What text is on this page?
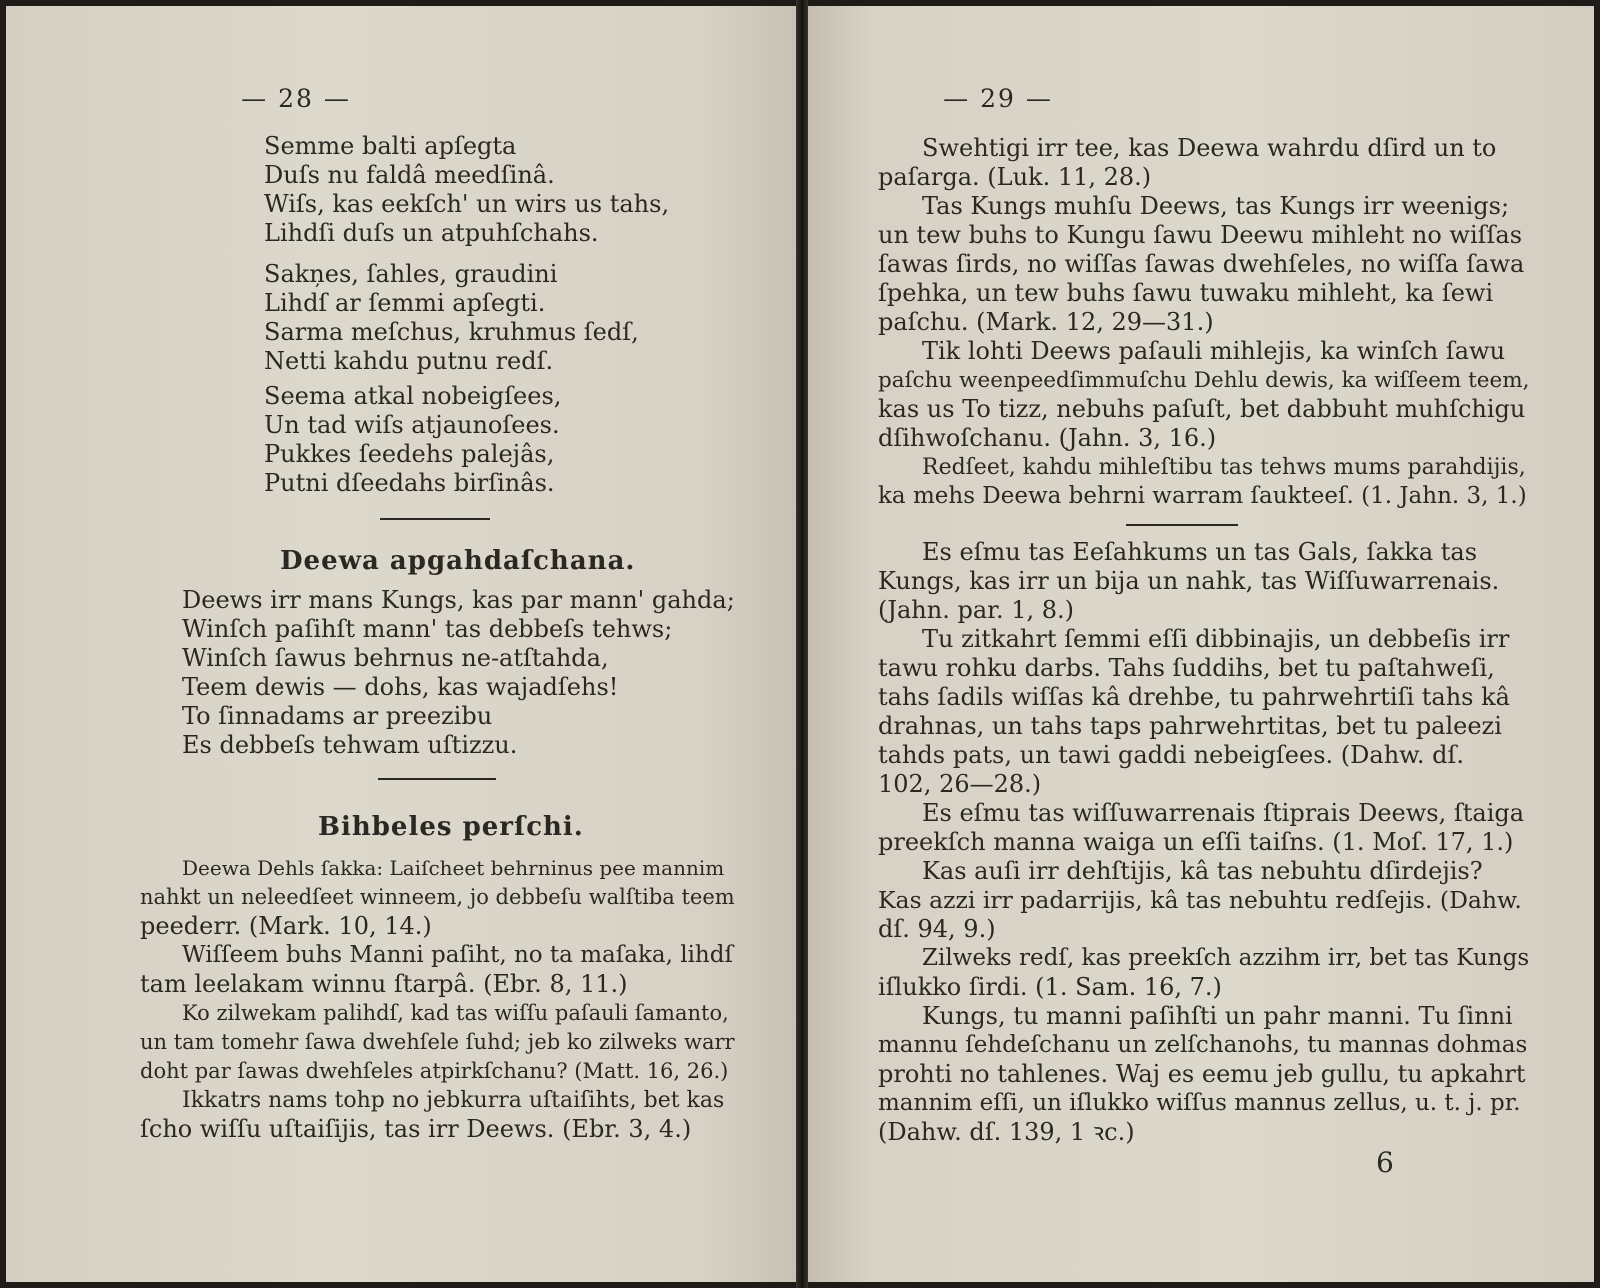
— 28 —
Semme balti apſegta
Duſs nu faldâ meedſinâ.
Wiſs, kas eekſch' un wirs us tahs,
Lihdſi duſs un atpuhſchahs.
Sakņes, ſahles, graudini
Lihdſ ar ſemmi apſegti.
Sarma meſchus, kruhmus ſedſ,
Netti kahdu putnu redſ.
Seema atkal nobeigſees,
Un tad wiſs atjaunoſees.
Pukkes ſeedehs palejâs,
Putni dſeedahs birſinâs.
Deewa apgahdaſchana.
Deews irr mans Kungs, kas par mann' gahda;
Winſch paſihſt mann' tas debbeſs tehws;
Winſch ſawus behrnus ne-atſtahda,
Teem dewis — dohs, kas wajadſehs!
To ſinnadams ar preezibu
Es debbeſs tehwam uſtizzu.
Bihbeles perſchi.
Deewa Dehls ſakka: Laiſcheet behrninus pee mannim
nahkt un neleedſeet winneem, jo debbeſu walſtiba teem
peederr. (Mark. 10, 14.)
Wiſſeem buhs Manni paſiht, no ta maſaka, lihdſ
tam leelakam winnu ſtarpâ. (Ebr. 8, 11.)
Ko zilwekam palihdſ, kad tas wiſſu paſauli ſamanto,
un tam tomehr ſawa dwehſele ſuhd; jeb ko zilweks warr
doht par ſawas dwehſeles atpirkſchanu? (Matt. 16, 26.)
Ikkatrs nams tohp no jebkurra uſtaiſihts, bet kas
ſcho wiſſu uſtaiſijis, tas irr Deews. (Ebr. 3, 4.)
— 29 —
Swehtigi irr tee, kas Deewa wahrdu dſird un to
paſarga. (Luk. 11, 28.)
Tas Kungs muhſu Deews, tas Kungs irr weenigs;
un tew buhs to Kungu ſawu Deewu mihleht no wiſſas
ſawas ſirds, no wiſſas ſawas dwehſeles, no wiſſa ſawa
ſpehka, un tew buhs ſawu tuwaku mihleht, ka ſewi
paſchu. (Mark. 12, 29—31.)
Tik lohti Deews paſauli mihlejis, ka winſch ſawu
paſchu weenpeedſimmuſchu Dehlu dewis, ka wiſſeem teem,
kas us To tizz, nebuhs paſuſt, bet dabbuht muhſchigu
dſihwoſchanu. (Jahn. 3, 16.)
Redſeet, kahdu mihleſtibu tas tehws mums parahdijis,
ka mehs Deewa behrni warram ſaukteeſ. (1. Jahn. 3, 1.)
Es eſmu tas Eeſahkums un tas Gals, ſakka tas
Kungs, kas irr un bija un nahk, tas Wiſſuwarrenais.
(Jahn. par. 1, 8.)
Tu zitkahrt ſemmi eſſi dibbinajis, un debbeſis irr
tawu rohku darbs. Tahs ſuddihs, bet tu paſtahweſi,
tahs ſadils wiſſas kâ drehbe, tu pahrwehrtiſi tahs kâ
drahnas, un tahs taps pahrwehrtitas, bet tu paleezi
tahds pats, un tawi gaddi nebeigſees. (Dahw. dſ.
102, 26—28.)
Es eſmu tas wiſſuwarrenais ſtiprais Deews, ſtaiga
preekſch manna waiga un eſſi taiſns. (1. Moſ. 17, 1.)
Kas auſi irr dehſtijis, kâ tas nebuhtu dſirdejis?
Kas azzi irr padarrijis, kâ tas nebuhtu redſejis. (Dahw.
dſ. 94, 9.)
Zilweks redſ, kas preekſch azzihm irr, bet tas Kungs
iſlukko ſirdi. (1. Sam. 16, 7.)
Kungs, tu manni paſihſti un pahr manni. Tu ſinni
mannu ſehdeſchanu un zelſchanohs, tu mannas dohmas
prohti no tahlenes. Waj es eemu jeb gullu, tu apkahrt
mannim eſſi, un iſlukko wiſſus mannus zellus, u. t. j. pr.
(Dahw. dſ. 139, 1 ꝛc.)
6
